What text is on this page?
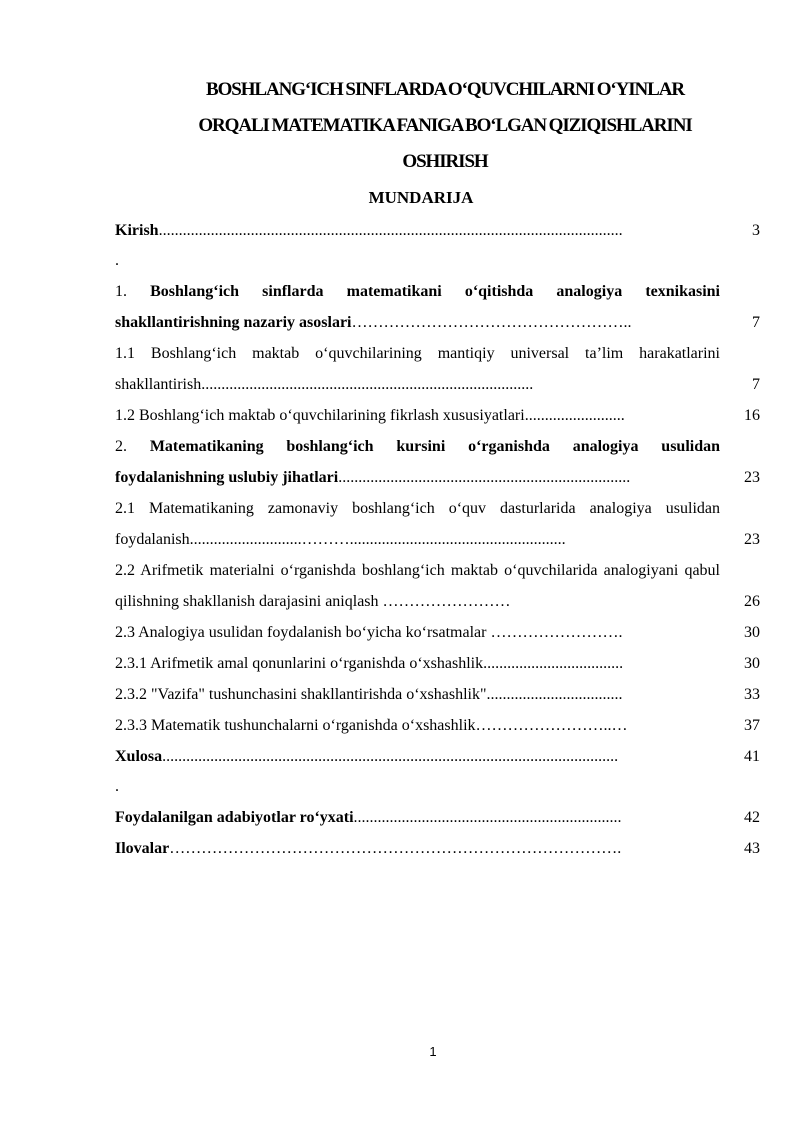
BOSHLANG‘ICH SINFLARDA O‘QUVCHILARNI O‘YINLAR
ORQALI MATEMATIKA FANIGA BO‘LGAN QIZIQISHLARINI
OSHIRISH
MUNDARIJA
Kirish....................................................................................................................	3
.
1. Boshlang‘ich sinflarda matematikani o‘qitishda analogiya texnikasini shakllantirishning nazariy asoslari……………………………………………..	7
1.1 Boshlang‘ich maktab o‘quvchilarining mantiqiy universal ta’lim harakatlarini shakllantirish...................................................................................	7
1.2 Boshlang‘ich maktab o‘quvchilarining fikrlash xususiyatlari.........................	16
2. Matematikaning boshlang‘ich kursini o‘rganishda analogiya usulidan foydalanishning uslubiy jihatlari.........................................................................	23
2.1 Matematikaning zamonaviy boshlang‘ich o‘quv dasturlarida analogiya usulidan foydalanish............................………......................................................	23
2.2 Arifmetik materialni o‘rganishda boshlang‘ich maktab o‘quvchilarida analogiyani qabul qilishning shakllanish darajasini aniqlash ……………………	26
2.3 Analogiya usulidan foydalanish bo‘yicha ko‘rsatmalar …………………….	30
2.3.1 Arifmetik amal qonunlarini o‘rganishda o‘xshashlik...................................	30
2.3.2 "Vazifa" tushunchasini shakllantirishda o‘xshashlik"..................................	33
2.3.3 Matematik tushunchalarni o‘rganishda o‘xshashlik……………………..…	37
Xulosa..................................................................................................................	41
.
Foydalanilgan adabiyotlar ro‘yxati...................................................................	42
Ilovalar………………………………………………………………………….	43
1
